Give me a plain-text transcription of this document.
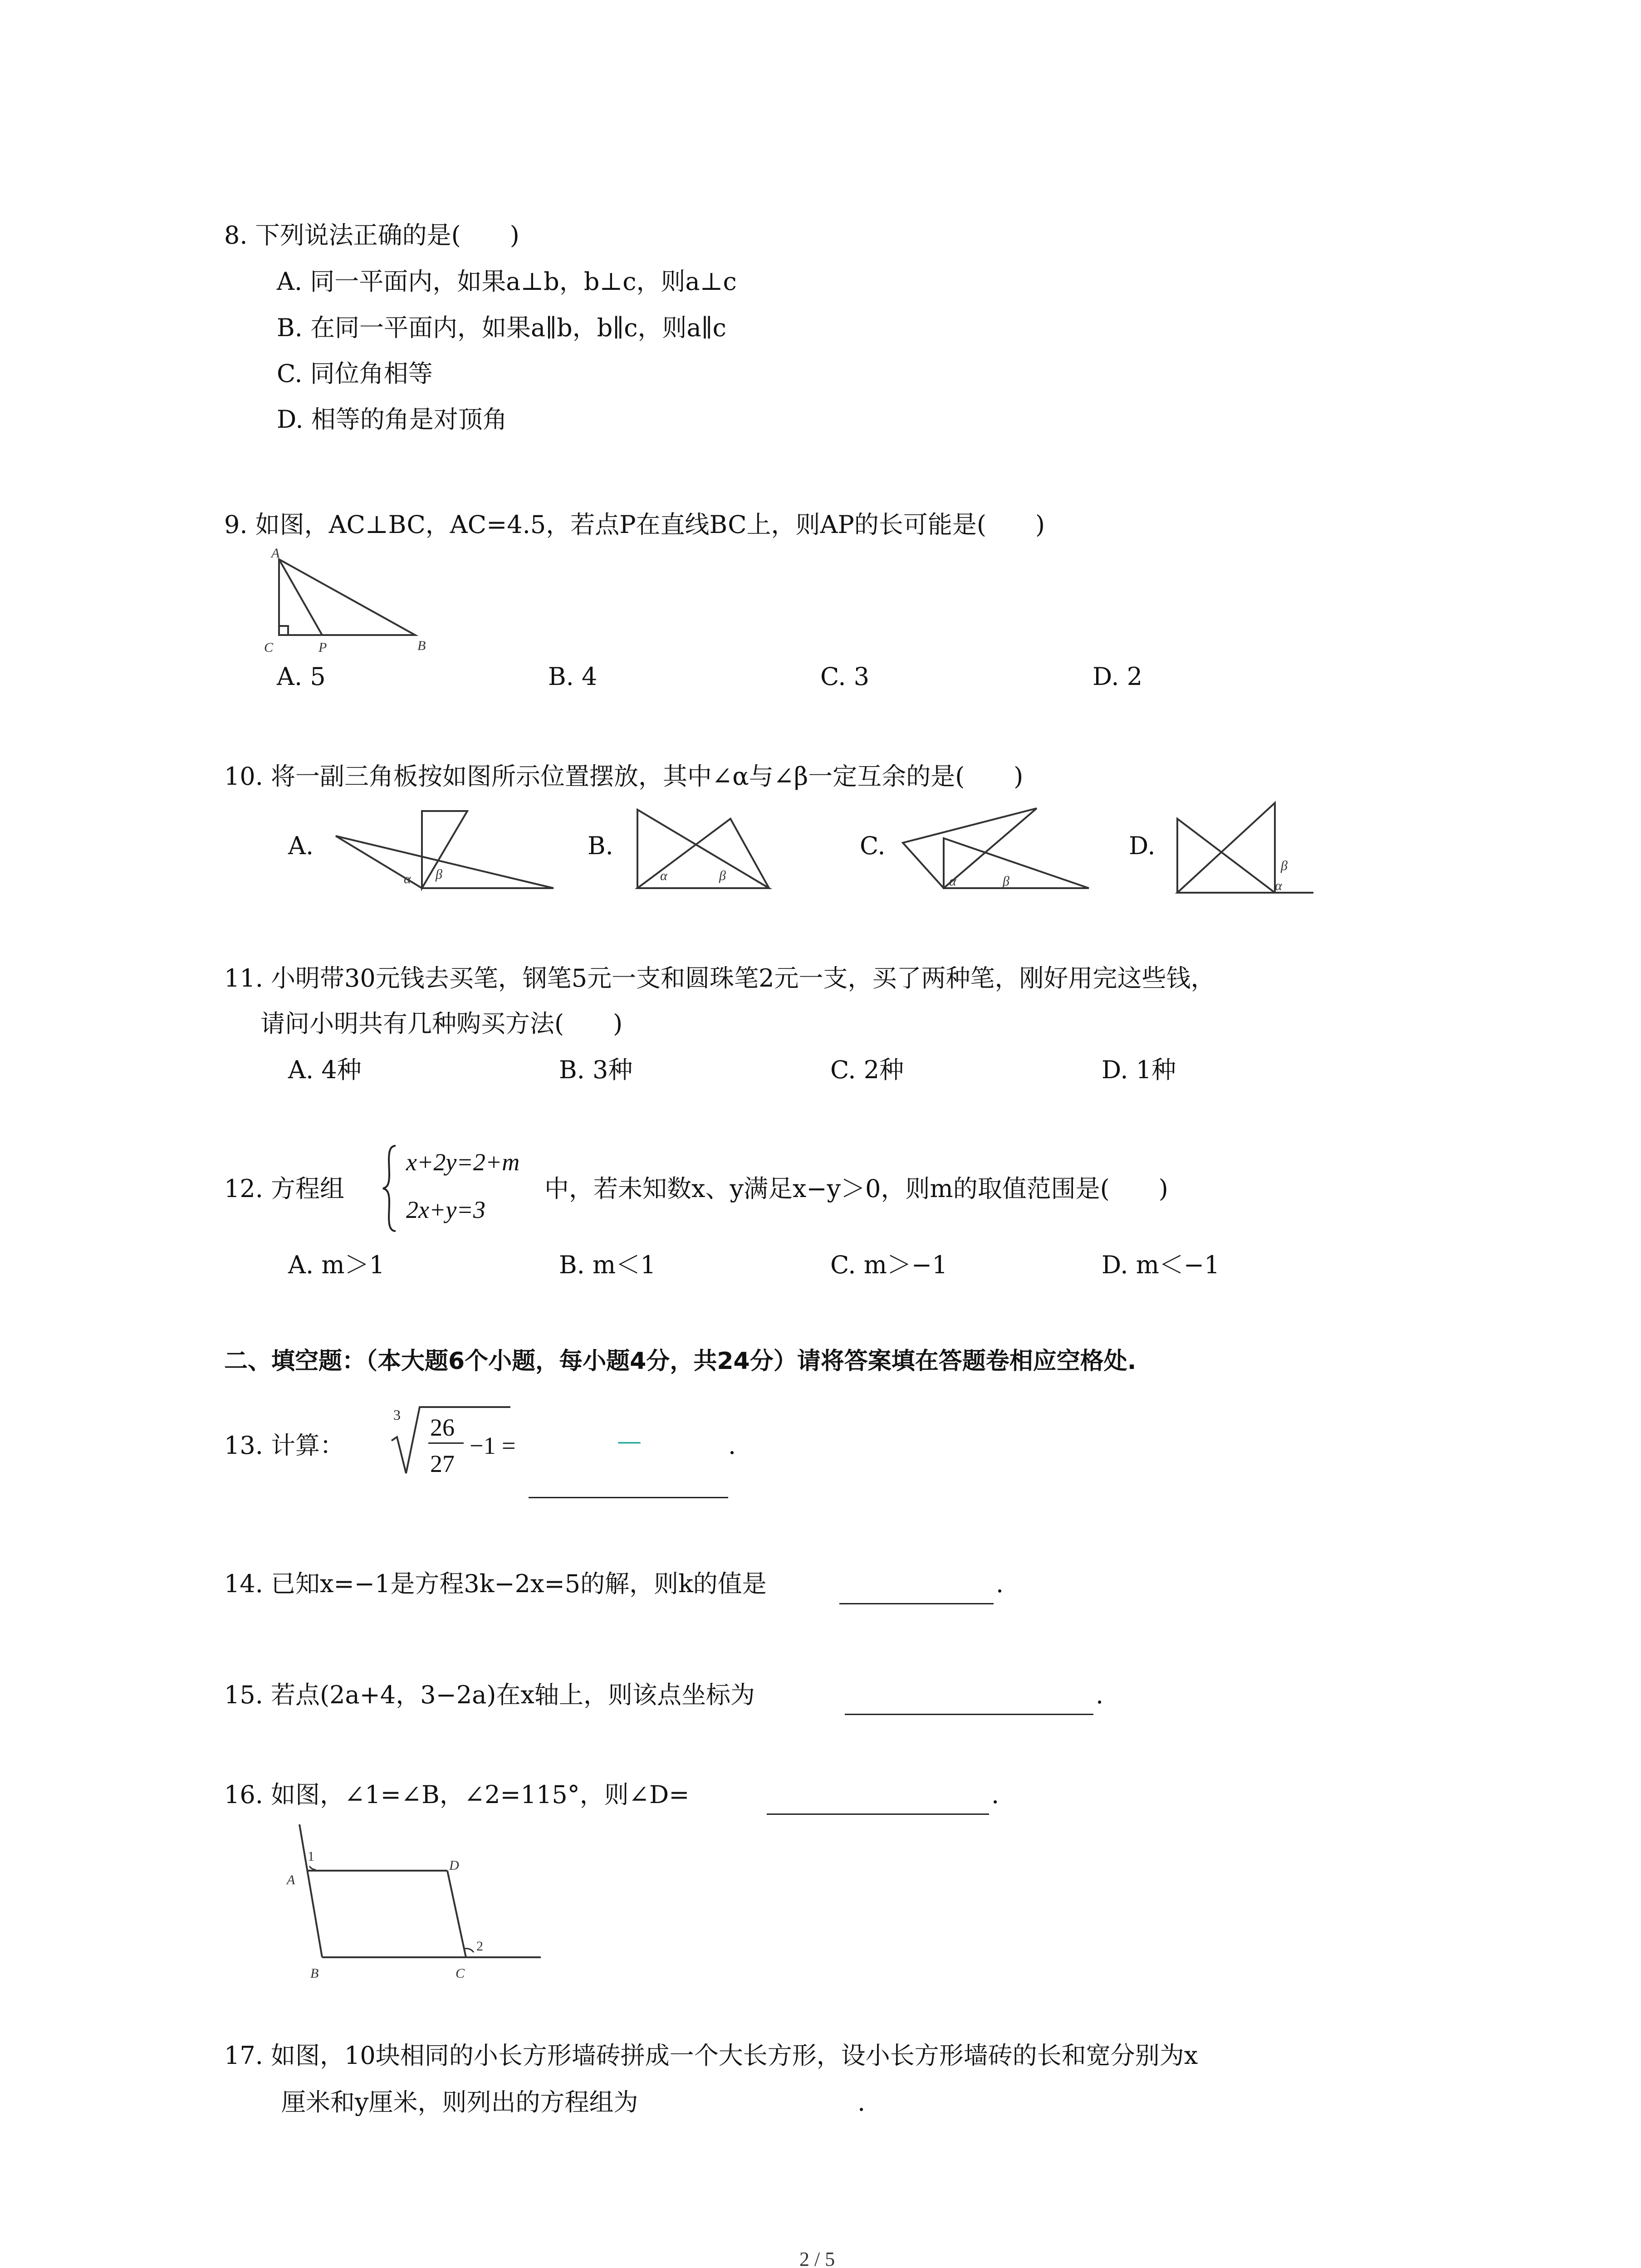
8. 下列说法正确的是(　　)
A. 同一平面内，如果a⊥b，b⊥c，则a⊥c
B. 在同一平面内，如果a∥b，b∥c，则a∥c
C. 同位角相等
D. 相等的角是对顶角
9. 如图，AC⊥BC，AC=4.5，若点P在直线BC上，则AP的长可能是(　　)
A
C	P	B
A. 5	B. 4	C. 3	D. 2
10. 将一副三角板按如图所示位置摆放，其中∠α与∠β一定互余的是(　　)
A.
α β
B.
α	β
C.
α	β
D.
β
α
11. 小明带30元钱去买笔，钢笔5元一支和圆珠笔2元一支，买了两种笔，刚好用完这些钱，
请问小明共有几种购买方法(　　)
A. 4种	B. 3种	C. 2种	D. 1种
12. 方程组
x+2y=2+m
2x+y=3
中，若未知数x、y满足x−y＞0，则m的取值范围是(　　)
A. m＞1	B. m＜1	C. m＞−1	D. m＜−1
二、填空题：（本大题6个小题，每小题4分，共24分）请将答案填在答题卷相应空格处.
13. 计算：
3 26
27
−1 =	—	.
14. 已知x=−1是方程3k−2x=5的解，则k的值是	.
15. 若点(2a+4，3−2a)在x轴上，则该点坐标为	.
16. 如图，∠1=∠B，∠2=115°，则∠D=	.
1
A
D
2
B	C
17. 如图，10块相同的小长方形墙砖拼成一个大长方形，设小长方形墙砖的长和宽分别为x
厘米和y厘米，则列出的方程组为	.
2 / 5
